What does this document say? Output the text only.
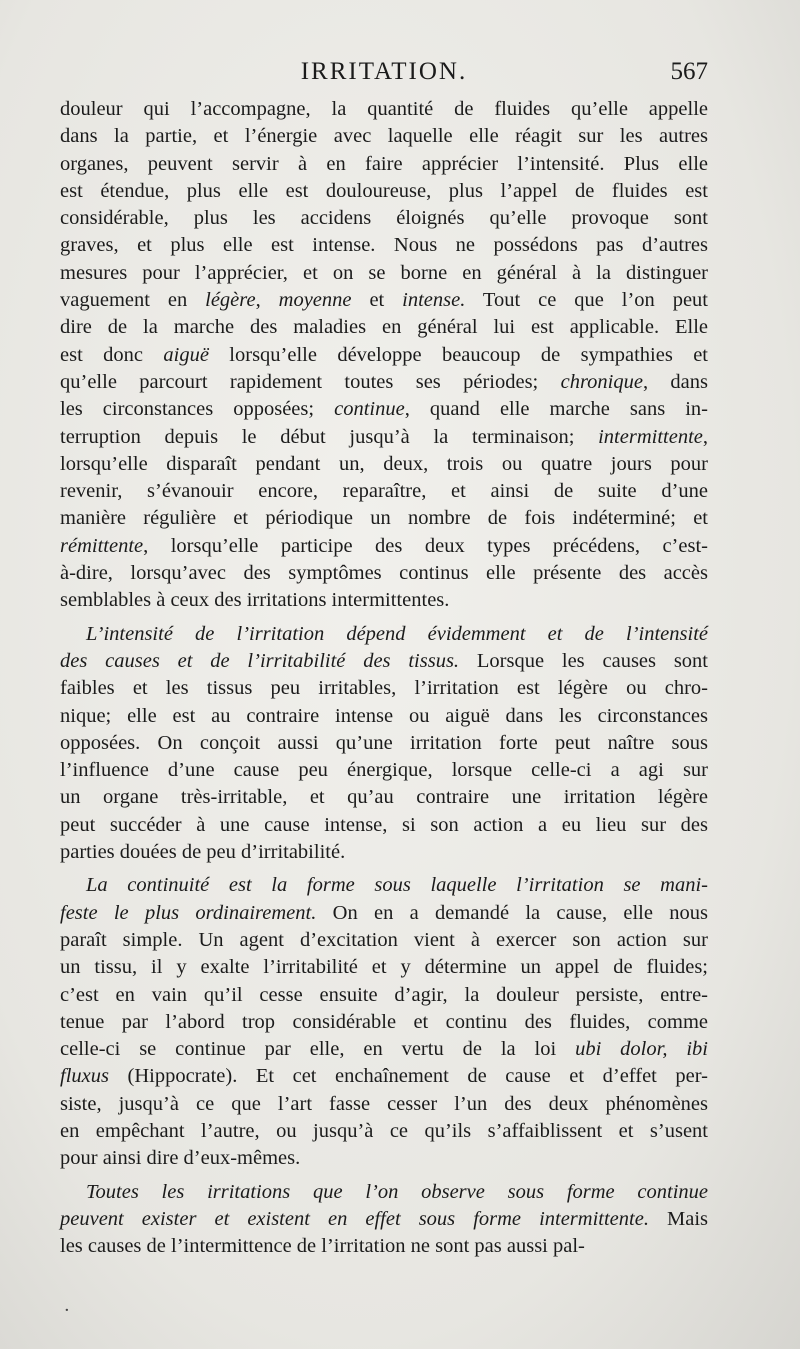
IRRITATION.	567
douleur qui l’accompagne, la quantité de fluides qu’elle appelle
dans la partie, et l’énergie avec laquelle elle réagit sur les autres
organes, peuvent servir à en faire apprécier l’intensité. Plus elle
est étendue, plus elle est douloureuse, plus l’appel de fluides est
considérable, plus les accidens éloignés qu’elle provoque sont
graves, et plus elle est intense. Nous ne possédons pas d’autres
mesures pour l’apprécier, et on se borne en général à la distinguer
vaguement en légère, moyenne et intense. Tout ce que l’on peut
dire de la marche des maladies en général lui est applicable. Elle
est donc aiguë lorsqu’elle développe beaucoup de sympathies et
qu’elle parcourt rapidement toutes ses périodes; chronique, dans
les circonstances opposées; continue, quand elle marche sans in-
terruption depuis le début jusqu’à la terminaison; intermittente,
lorsqu’elle disparaît pendant un, deux, trois ou quatre jours pour
revenir, s’évanouir encore, reparaître, et ainsi de suite d’une
manière régulière et périodique un nombre de fois indéterminé; et
rémittente, lorsqu’elle participe des deux types précédens, c’est-
à-dire, lorsqu’avec des symptômes continus elle présente des accès
semblables à ceux des irritations intermittentes.
L’intensité de l’irritation dépend évidemment et de l’intensité
des causes et de l’irritabilité des tissus. Lorsque les causes sont
faibles et les tissus peu irritables, l’irritation est légère ou chro-
nique; elle est au contraire intense ou aiguë dans les circonstances
opposées. On conçoit aussi qu’une irritation forte peut naître sous
l’influence d’une cause peu énergique, lorsque celle-ci a agi sur
un organe très-irritable, et qu’au contraire une irritation légère
peut succéder à une cause intense, si son action a eu lieu sur des
parties douées de peu d’irritabilité.
La continuité est la forme sous laquelle l’irritation se mani-
feste le plus ordinairement. On en a demandé la cause, elle nous
paraît simple. Un agent d’excitation vient à exercer son action sur
un tissu, il y exalte l’irritabilité et y détermine un appel de fluides;
c’est en vain qu’il cesse ensuite d’agir, la douleur persiste, entre-
tenue par l’abord trop considérable et continu des fluides, comme
celle-ci se continue par elle, en vertu de la loi ubi dolor, ibi
fluxus (Hippocrate). Et cet enchaînement de cause et d’effet per-
siste, jusqu’à ce que l’art fasse cesser l’un des deux phénomènes
en empêchant l’autre, ou jusqu’à ce qu’ils s’affaiblissent et s’usent
pour ainsi dire d’eux-mêmes.
Toutes les irritations que l’on observe sous forme continue
peuvent exister et existent en effet sous forme intermittente. Mais
les causes de l’intermittence de l’irritation ne sont pas aussi pal-
·
